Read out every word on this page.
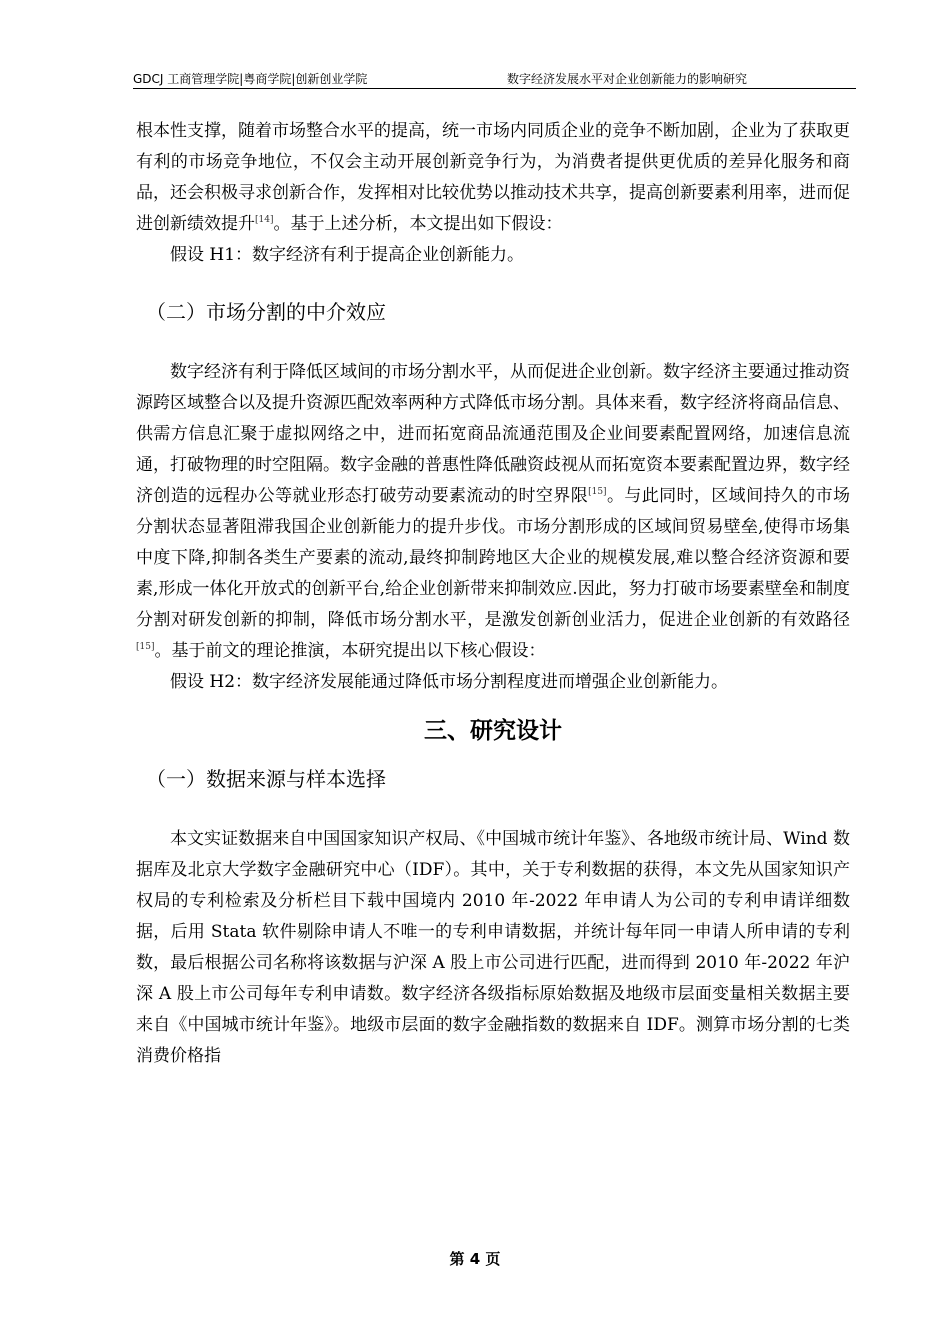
GDCJ 工商管理学院|粤商学院|创新创业学院	数字经济发展水平对企业创新能力的影响研究

根本性支撑，随着市场整合水平的提高，统一市场内同质企业的竞争不断加剧，企业为了获取更有利的市场竞争地位，不仅会主动开展创新竞争行为，为消费者提供更优质的差异化服务和商品，还会积极寻求创新合作，发挥相对比较优势以推动技术共享，提高创新要素利用率，进而促进创新绩效提升[14]。基于上述分析，本文提出如下假设：

假设 H1：数字经济有利于提高企业创新能力。

（二）市场分割的中介效应

数字经济有利于降低区域间的市场分割水平，从而促进企业创新。数字经济主要通过推动资源跨区域整合以及提升资源匹配效率两种方式降低市场分割。具体来看，数字经济将商品信息、供需方信息汇聚于虚拟网络之中，进而拓宽商品流通范围及企业间要素配置网络，加速信息流通，打破物理的时空阻隔。数字金融的普惠性降低融资歧视从而拓宽资本要素配置边界，数字经济创造的远程办公等就业形态打破劳动要素流动的时空界限[15]。与此同时，区域间持久的市场分割状态显著阻滞我国企业创新能力的提升步伐。市场分割形成的区域间贸易壁垒,使得市场集中度下降,抑制各类生产要素的流动,最终抑制跨地区大企业的规模发展,难以整合经济资源和要素,形成一体化开放式的创新平台,给企业创新带来抑制效应.因此，努力打破市场要素壁垒和制度分割对研发创新的抑制，降低市场分割水平，是激发创新创业活力，促进企业创新的有效路径[15]。基于前文的理论推演，本研究提出以下核心假设：

假设 H2：数字经济发展能通过降低市场分割程度进而增强企业创新能力。

三、研究设计
（一）数据来源与样本选择

本文实证数据来自中国国家知识产权局、《中国城市统计年鉴》、各地级市统计局、Wind 数据库及北京大学数字金融研究中心（IDF）。其中，关于专利数据的获得，本文先从国家知识产权局的专利检索及分析栏目下载中国境内 2010 年-2022 年申请人为公司的专利申请详细数据，后用 Stata 软件剔除申请人不唯一的专利申请数据，并统计每年同一申请人所申请的专利数，最后根据公司名称将该数据与沪深 A 股上市公司进行匹配，进而得到 2010 年-2022 年沪深 A 股上市公司每年专利申请数。数字经济各级指标原始数据及地级市层面变量相关数据主要来自《中国城市统计年鉴》。地级市层面的数字金融指数的数据来自 IDF。测算市场分割的七类消费价格指

第 4 页
